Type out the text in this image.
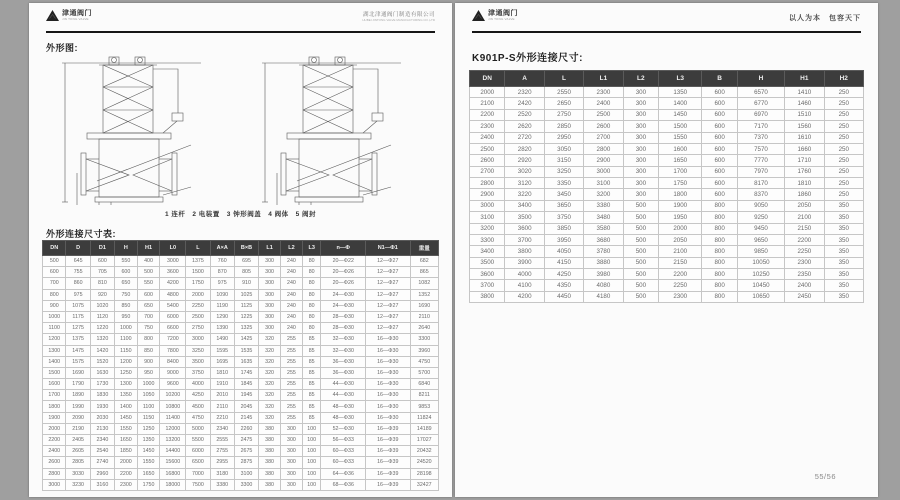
津通阀门
JIN TONG VALVE
湖北津通阀门制造有限公司
HUBEI JINTONG VALVE MANUFACTURING CO.,LTD
外形图:
1 连杆　2 电装置　3 钟形阀盖　4 阀体　5 阀封
外形连接尺寸表:
DN	D	D1	H	H1	L0	L	A×A	B×B	L1	L2	L3	n—Φ	N1—Φ1	重量
500	645	600	550	400	3000	1375	760	695	300	240	80	20—Φ22	12—Φ27	682
600	755	705	600	500	3600	1500	870	805	300	240	80	20—Φ26	12—Φ27	865
700	860	810	650	550	4200	1750	975	910	300	240	80	20—Φ26	12—Φ27	1082
800	975	920	750	600	4800	2000	1090	1025	300	240	80	24—Φ30	12—Φ27	1352
900	1075	1020	850	650	5400	2250	1190	1125	300	240	80	24—Φ30	12—Φ27	1690
1000	1175	1120	950	700	6000	2500	1290	1225	300	240	80	28—Φ30	12—Φ27	2110
1100	1275	1220	1000	750	6600	2750	1390	1325	300	240	80	28—Φ30	12—Φ27	2640
1200	1375	1320	1100	800	7200	3000	1490	1425	320	255	85	32—Φ30	16—Φ30	3300
1300	1475	1420	1150	850	7800	3250	1595	1535	320	255	85	32—Φ30	16—Φ30	3960
1400	1575	1520	1200	900	8400	3500	1695	1635	320	255	85	36—Φ30	16—Φ30	4750
1500	1690	1630	1250	950	9000	3750	1810	1745	320	255	85	36—Φ30	16—Φ30	5700
1600	1790	1730	1300	1000	9600	4000	1910	1845	320	255	85	44—Φ30	16—Φ30	6840
1700	1890	1830	1350	1050	10200	4250	2010	1945	320	255	85	44—Φ30	16—Φ30	8211
1800	1990	1930	1400	1100	10800	4500	2110	2045	320	255	85	48—Φ30	16—Φ30	9853
1900	2090	2030	1450	1150	11400	4750	2210	2145	320	255	85	48—Φ30	16—Φ30	11824
2000	2190	2130	1550	1250	12000	5000	2340	2260	380	300	100	52—Φ30	16—Φ39	14189
2200	2405	2340	1650	1350	13200	5500	2555	2475	380	300	100	56—Φ33	16—Φ39	17027
2400	2605	2540	1850	1450	14400	6000	2755	2675	380	300	100	60—Φ33	16—Φ39	20432
2600	2805	2740	2000	1550	15600	6500	2955	2875	380	300	100	60—Φ33	16—Φ39	24520
2800	3030	2960	2200	1650	16800	7000	3180	3100	380	300	100	64—Φ36	16—Φ39	28198
3000	3230	3160	2300	1750	18000	7500	3380	3300	380	300	100	68—Φ36	16—Φ39	32427
津通阀门
JIN TONG VALVE	以人为本　包容天下
K901P-S外形连接尺寸:
DN	A	L	L1	L2	L3	B	H	H1	H2
2000	2320	2550	2300	300	1350	600	6570	1410	250
2100	2420	2650	2400	300	1400	600	6770	1460	250
2200	2520	2750	2500	300	1450	600	6970	1510	250
2300	2620	2850	2600	300	1500	600	7170	1560	250
2400	2720	2950	2700	300	1550	600	7370	1610	250
2500	2820	3050	2800	300	1600	600	7570	1660	250
2600	2920	3150	2900	300	1650	600	7770	1710	250
2700	3020	3250	3000	300	1700	600	7970	1760	250
2800	3120	3350	3100	300	1750	600	8170	1810	250
2900	3220	3450	3200	300	1800	600	8370	1860	250
3000	3400	3650	3380	500	1900	800	9050	2050	350
3100	3500	3750	3480	500	1950	800	9250	2100	350
3200	3600	3850	3580	500	2000	800	9450	2150	350
3300	3700	3950	3680	500	2050	800	9650	2200	350
3400	3800	4050	3780	500	2100	800	9850	2250	350
3500	3900	4150	3880	500	2150	800	10050	2300	350
3600	4000	4250	3980	500	2200	800	10250	2350	350
3700	4100	4350	4080	500	2250	800	10450	2400	350
3800	4200	4450	4180	500	2300	800	10650	2450	350
55/56
